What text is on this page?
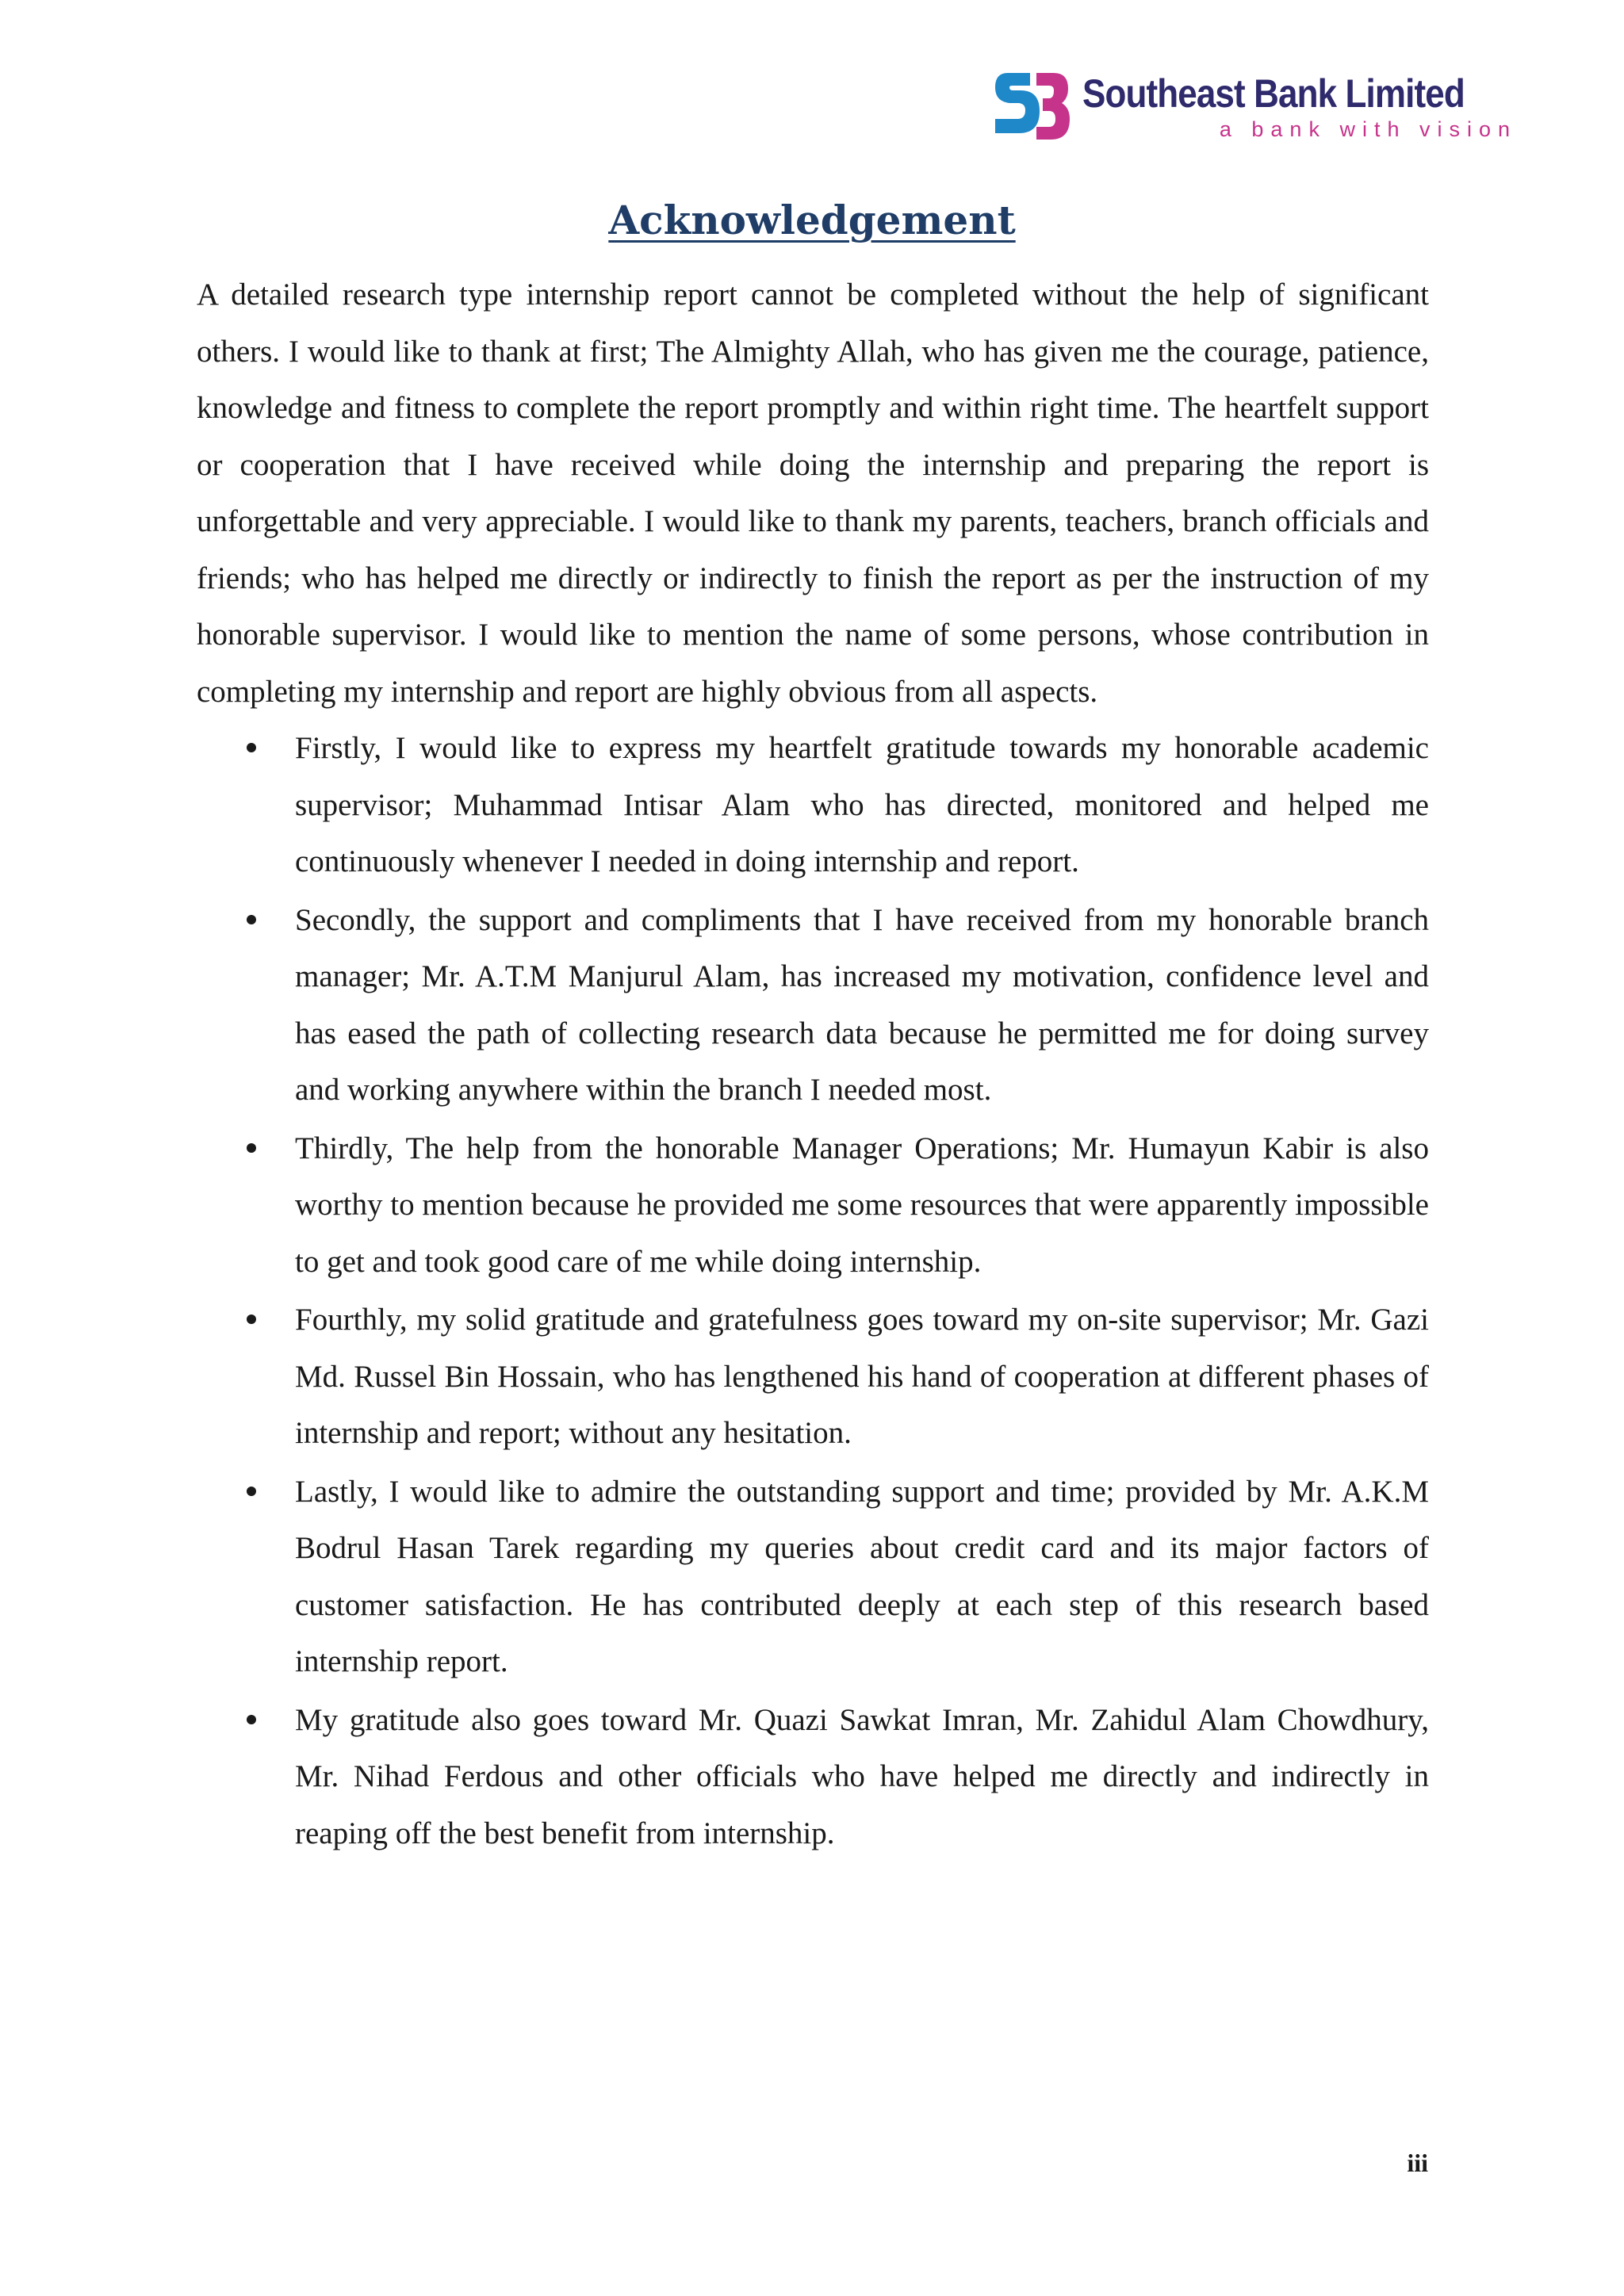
Southeast Bank Limited
a bank with vision
Acknowledgement

A detailed research type internship report cannot be completed without the help of significant others. I would like to thank at first; The Almighty Allah, who has given me the courage, patience, knowledge and fitness to complete the report promptly and within right time. The heartfelt support or cooperation that I have received while doing the internship and preparing the report is unforgettable and very appreciable. I would like to thank my parents, teachers, branch officials and friends; who has helped me directly or indirectly to finish the report as per the instruction of my honorable supervisor. I would like to mention the name of some persons, whose contribution in completing my internship and report are highly obvious from all aspects.

Firstly, I would like to express my heartfelt gratitude towards my honorable academic supervisor; Muhammad Intisar Alam who has directed, monitored and helped me continuously whenever I needed in doing internship and report.
Secondly, the support and compliments that I have received from my honorable branch manager; Mr. A.T.M Manjurul Alam, has increased my motivation, confidence level and has eased the path of collecting research data because he permitted me for doing survey and working anywhere within the branch I needed most.
Thirdly, The help from the honorable Manager Operations; Mr. Humayun Kabir is also worthy to mention because he provided me some resources that were apparently impossible to get and took good care of me while doing internship.
Fourthly, my solid gratitude and gratefulness goes toward my on-site supervisor; Mr. Gazi Md. Russel Bin Hossain, who has lengthened his hand of cooperation at different phases of internship and report; without any hesitation.
Lastly, I would like to admire the outstanding support and time; provided by Mr. A.K.M Bodrul Hasan Tarek regarding my queries about credit card and its major factors of customer satisfaction. He has contributed deeply at each step of this research based internship report.
My gratitude also goes toward Mr. Quazi Sawkat Imran, Mr. Zahidul Alam Chowdhury, Mr. Nihad Ferdous and other officials who have helped me directly and indirectly in reaping off the best benefit from internship.
iii
